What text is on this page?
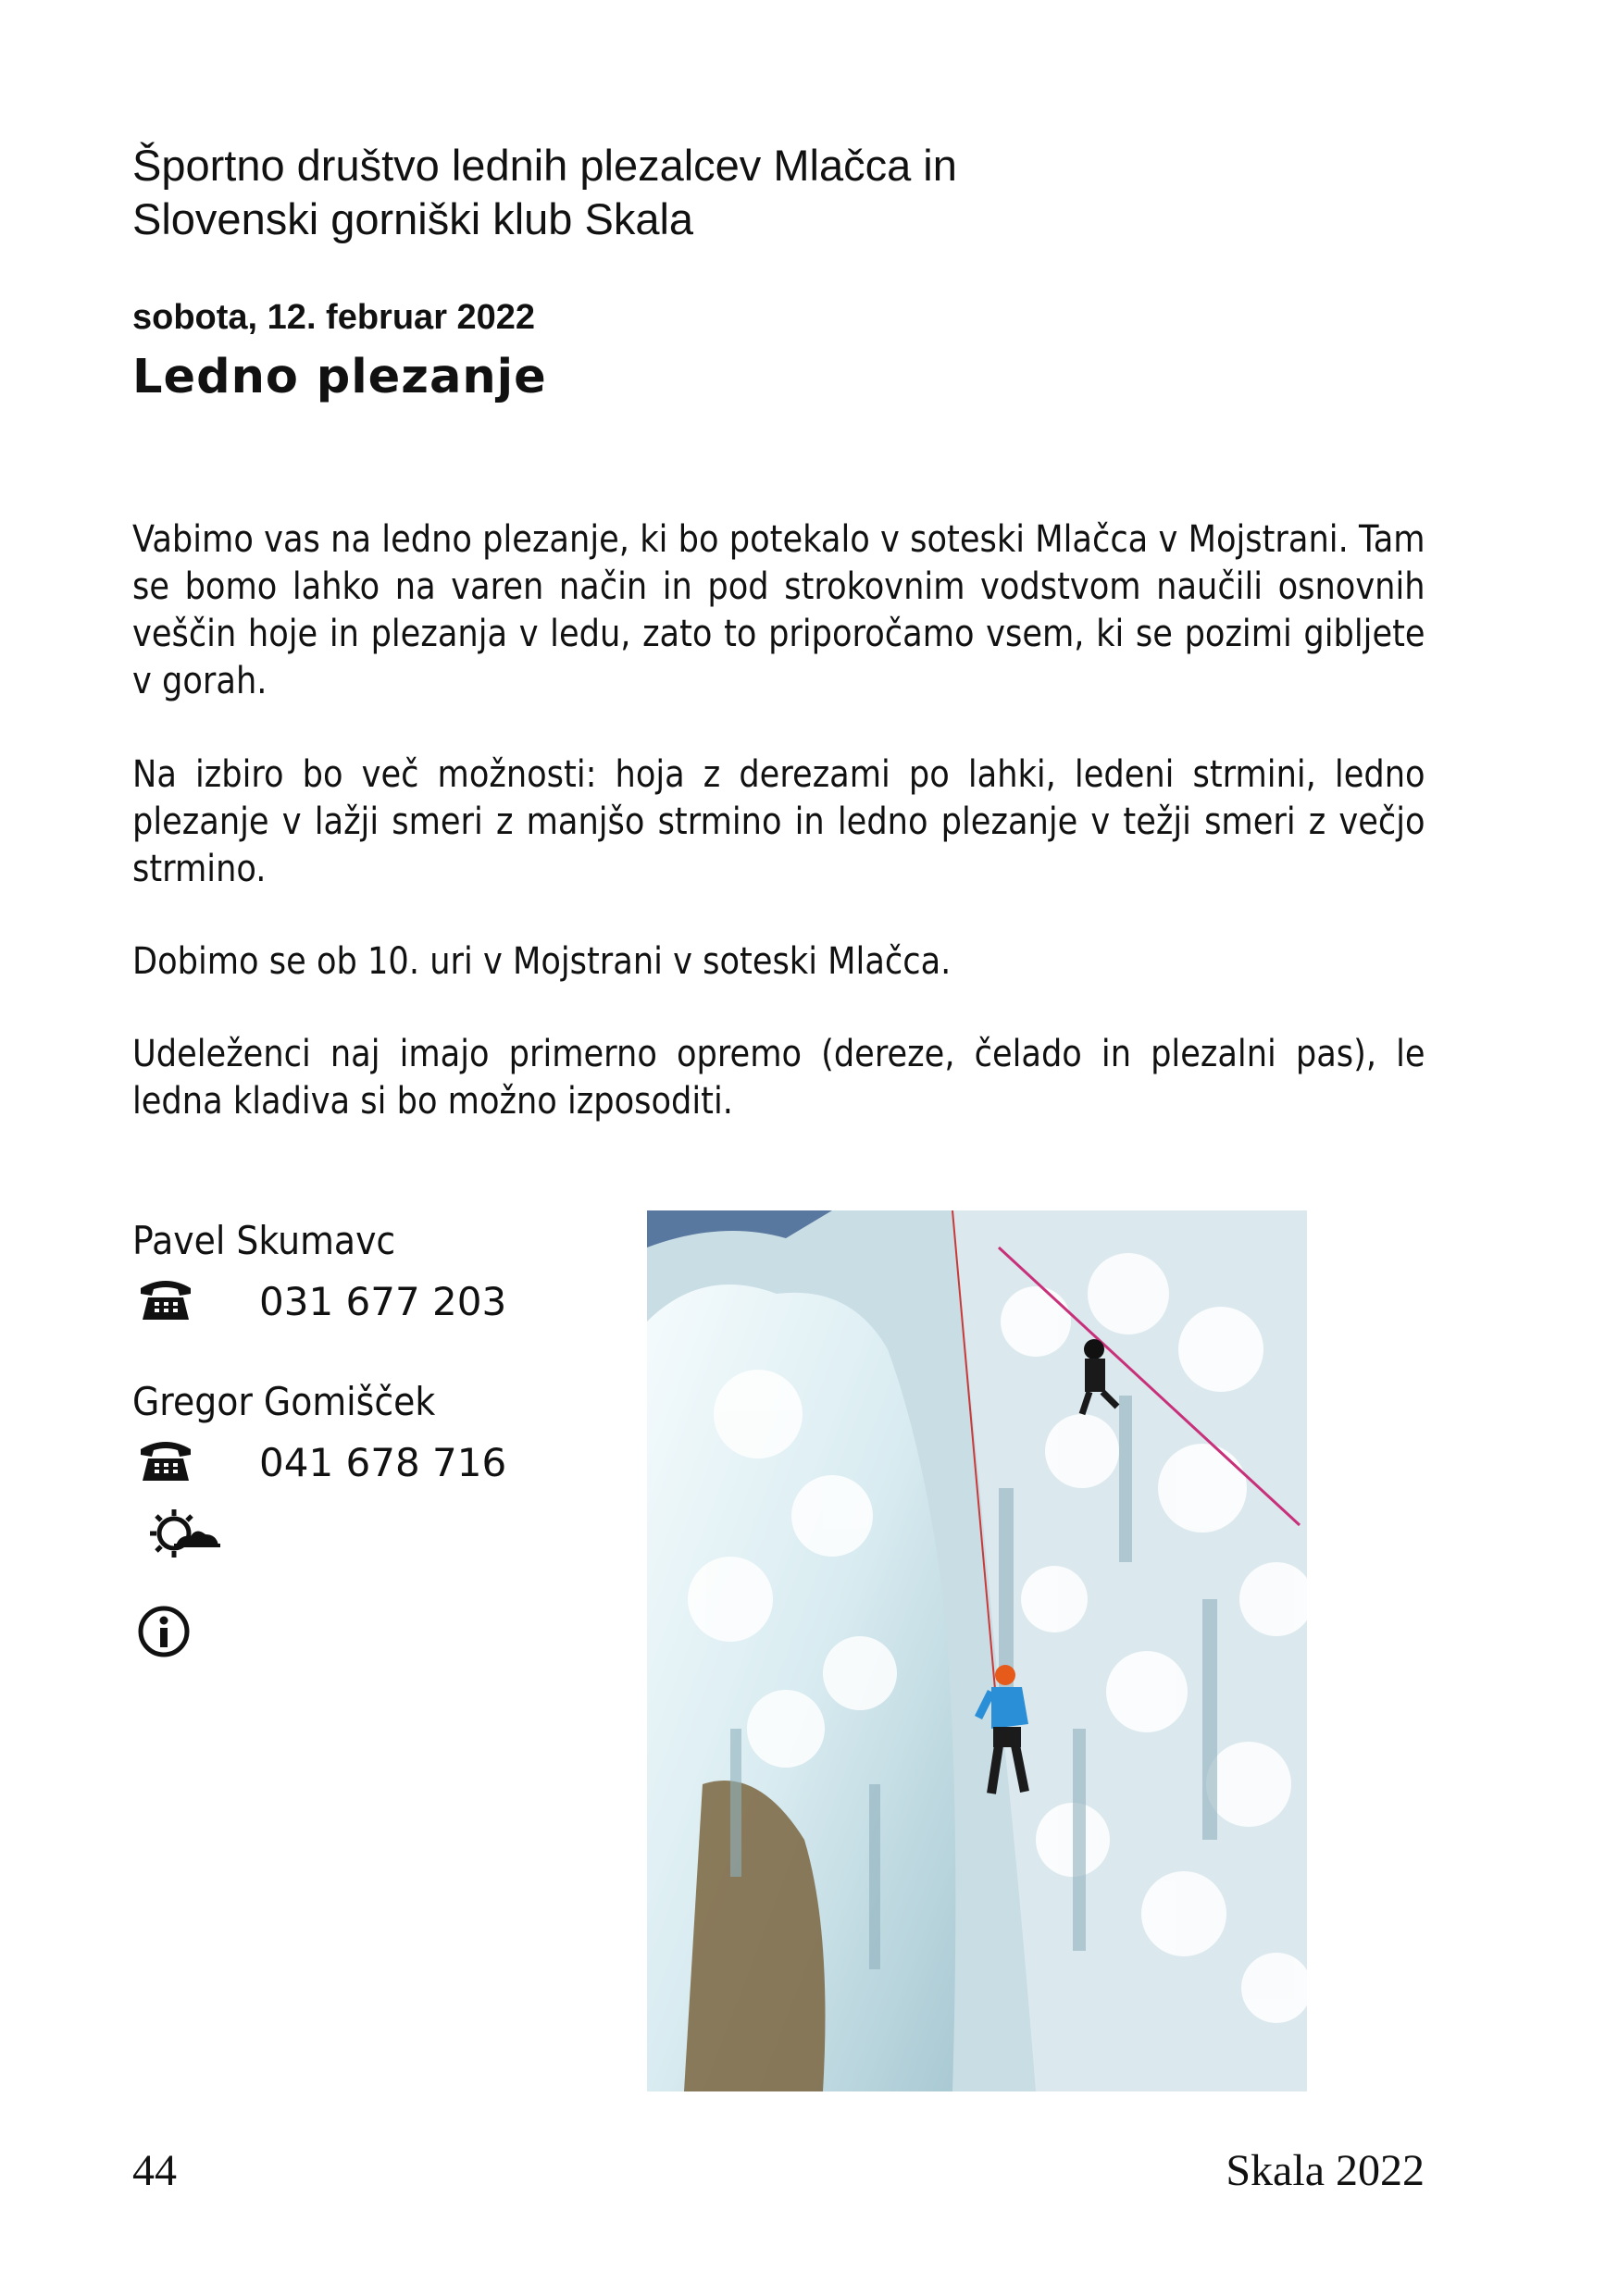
Športno društvo lednih plezalcev Mlačca in
Slovenski gorniški klub Skala
sobota, 12. februar 2022
Ledno plezanje
Vabimo vas na ledno plezanje, ki bo potekalo v soteski Mlačca v Mojstrani. Tam se bomo lahko na varen način in pod strokovnim vodstvom naučili osnovnih veščin hoje in plezanja v ledu, zato to priporočamo vsem, ki se pozimi gibljete v gorah.
Na izbiro bo več možnosti: hoja z derezami po lahki, ledeni strmini, ledno plezanje v lažji smeri z manjšo strmino in ledno plezanje v težji smeri z večjo strmino.
Dobimo se ob 10. uri v Mojstrani v soteski Mlačca.
Udeleženci naj imajo primerno opremo (dereze, čelado in plezalni pas), le ledna kladiva si bo možno izposoditi.
Pavel Skumavc
031 677 203
Gregor Gomišček
041 678 716
44	Skala 2022
